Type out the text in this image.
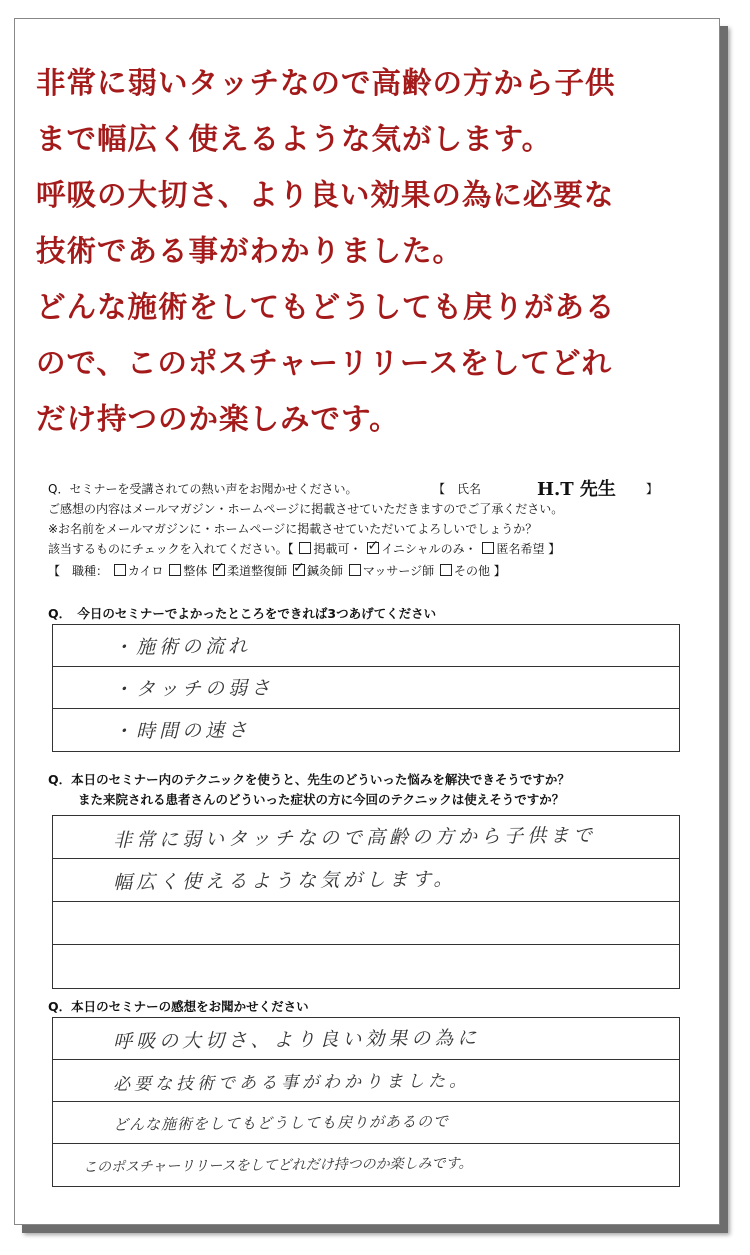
非常に弱いタッチなので高齢の方から子供
まで幅広く使えるような気がします。
呼吸の大切さ、より良い効果の為に必要な
技術である事がわかりました。
どんな施術をしてもどうしても戻りがある
ので、このポスチャーリリースをしてどれ
だけ持つのか楽しみです。
Q．セミナーを受講されての熱い声をお聞かせください。	【　氏名	】
ご感想の内容はメールマガジン・ホームページに掲載させていただきますのでご了承ください。
※お名前をメールマガジンに・ホームページに掲載させていただいてよろしいでしょうか？
該当するものにチェックを入れてください。【 掲載可・ ✓ イニシャルのみ・ 匿名希望 】
【　職種： カイロ 整体 ✓ 柔道整復師 ✓ 鍼灸師 マッサージ師 その他 】
H.T 先生
Q．　今日のセミナーでよかったところをできれば3つあげてください
・施術の流れ
・タッチの弱さ
・時間の速さ
Q．本日のセミナー内のテクニックを使うと、先生のどういった悩みを解決できそうですか？
また来院される患者さんのどういった症状の方に今回のテクニックは使えそうですか？
非常に弱いタッチなので高齢の方から子供まで
幅広く使えるような気がします。
Q．本日のセミナーの感想をお聞かせください
呼吸の大切さ、より良い効果の為に
必要な技術である事がわかりました。
どんな施術をしてもどうしても戻りがあるので
このポスチャーリリースをしてどれだけ持つのか楽しみです。
